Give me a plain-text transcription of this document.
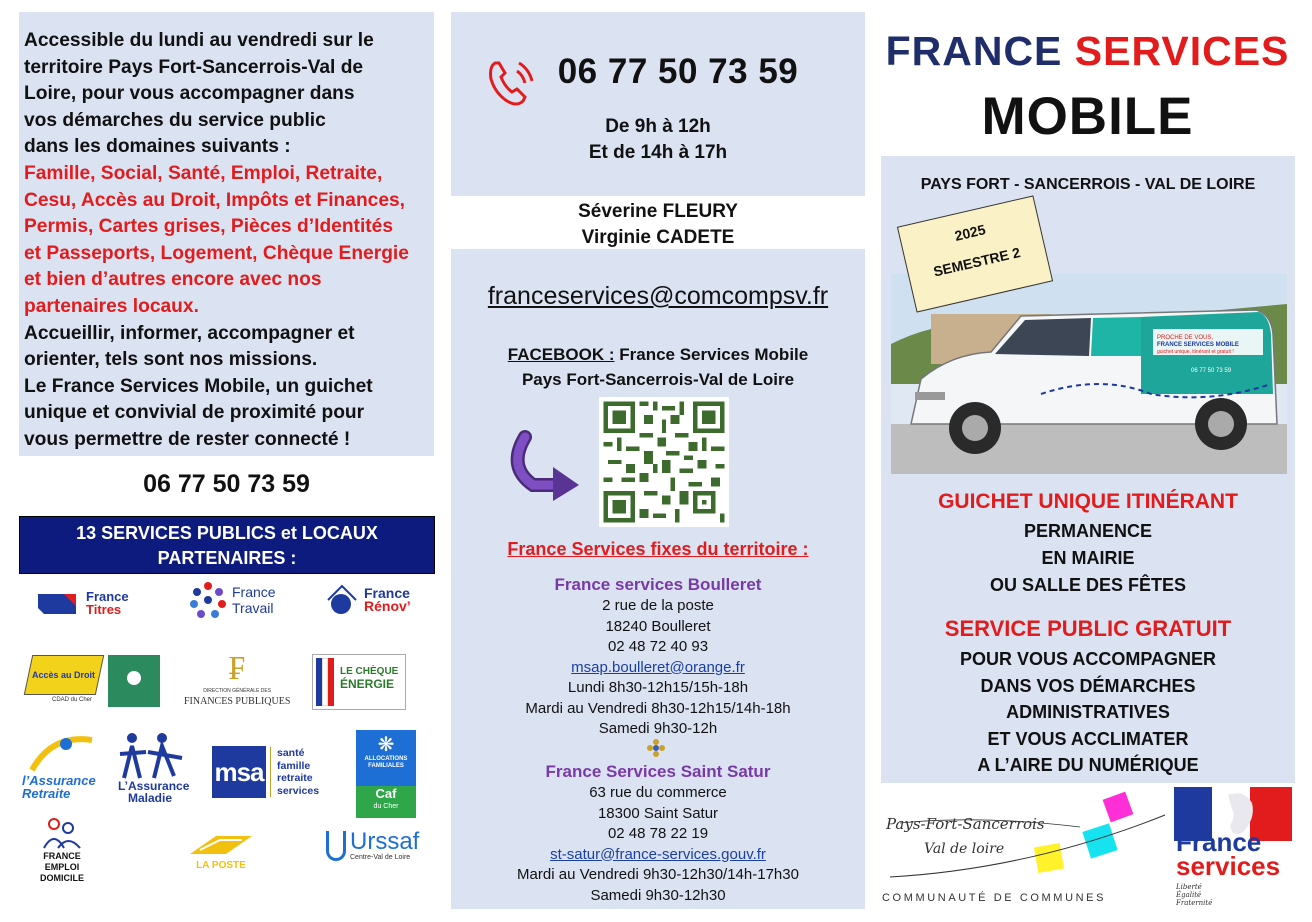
Accessible du lundi au vendredi sur le
territoire Pays Fort-Sancerrois-Val de
Loire, pour vous accompagner dans
vos démarches du service public
dans les domaines suivants :
Famille, Social, Santé, Emploi, Retraite,
Cesu, Accès au Droit, Impôts et Finances,
Permis, Cartes grises, Pièces d’Identités
et Passeports, Logement, Chèque Energie
et bien d’autres encore avec nos
partenaires locaux.
Accueillir, informer, accompagner et
orienter, tels sont nos missions.
Le France Services Mobile, un guichet
unique et convivial de proximité pour
vous permettre de rester connecté !
06 77 50 73 59
13 SERVICES PUBLICS et LOCAUX
PARTENAIRES :
France
Titres
France
Travail
France
Rénov’
Accès au Droit
CDAD du Cher
₣
DIRECTION GÉNÉRALE DES
FINANCES PUBLIQUES
LE CHÈQUE
ÉNERGIE
l’Assurance
Retraite	L’Assurance
Maladie
msa
santé
famille
retraite
services
❋
ALLOCATIONS
FAMILIALES
Caf
du Cher
FRANCE
EMPLOI
DOMICILE
LA POSTE
Urssaf
Centre-Val de Loire
06 77 50 73 59
De 9h à 12h
Et de 14h à 17h
Séverine FLEURY
Virginie CADETE
franceservices@comcompsv.fr
FACEBOOK : France Services Mobile
Pays Fort-Sancerrois-Val de Loire
France Services fixes du territoire :
France services Boulleret
2 rue de la poste
18240 Boulleret
02 48 72 40 93
msap.boulleret@orange.fr
Lundi 8h30-12h15/15h-18h
Mardi au Vendredi 8h30-12h15/14h-18h
Samedi 9h30-12h
France Services Saint Satur
63 rue du commerce
18300 Saint Satur
02 48 78 22 19
st-satur@france-services.gouv.fr
Mardi au Vendredi 9h30-12h30/14h-17h30
Samedi 9h30-12h30
FRANCE SERVICES
MOBILE
PAYS FORT - SANCERROIS - VAL DE LOIRE
PROCHE DE VOUS,
FRANCE SERVICES MOBILE
guichet unique, itinérant et gratuit !
06 77 50 73 59
2025
SEMESTRE 2
GUICHET UNIQUE ITINÉRANT
PERMANENCE
EN MAIRIE
OU SALLE DES FÊTES
SERVICE PUBLIC GRATUIT
POUR VOUS ACCOMPAGNER
DANS VOS DÉMARCHES
ADMINISTRATIVES
ET VOUS ACCLIMATER
A L’AIRE DU NUMÉRIQUE
Pays-Fort-Sancerrois
Val de loire
COMMUNAUTÉ DE COMMUNES
France
services
Liberté
Égalité
Fraternité
